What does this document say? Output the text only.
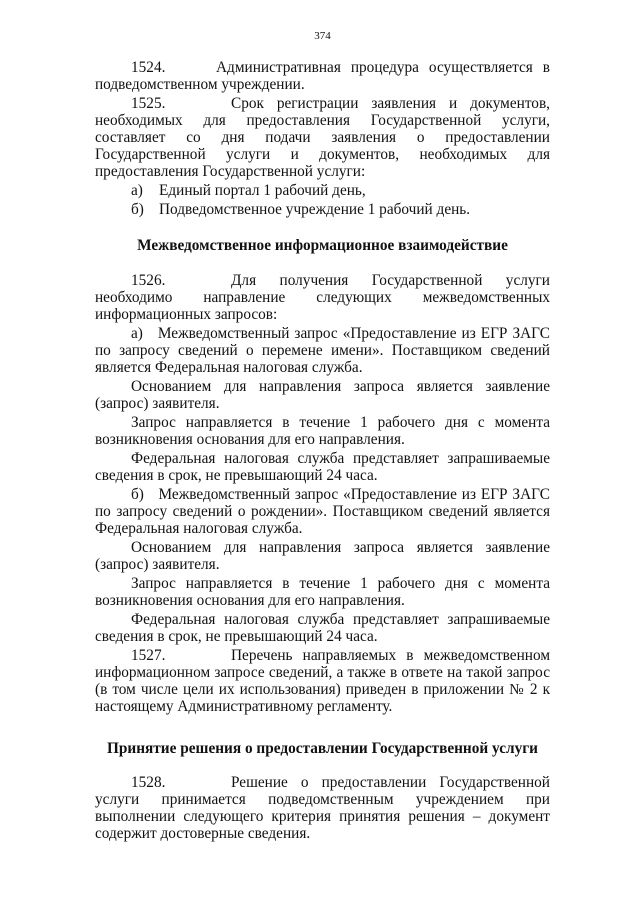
374

1524.	Административная процедура осуществляется в подведомственном учреждении.

1525.	Срок регистрации заявления и документов, необходимых для предоставления Государственной услуги, составляет со дня подачи заявления о предоставлении Государственной услуги и документов, необходимых для предоставления Государственной услуги:

а) Единый портал 1 рабочий день,
б) Подведомственное учреждение 1 рабочий день.
Межведомственное информационное взаимодействие

1526.	Для получения Государственной услуги необходимо направление следующих межведомственных информационных запросов:

а)   Межведомственный запрос «Предоставление из ЕГР ЗАГС по запросу сведений о перемене имени». Поставщиком сведений является Федеральная налоговая служба.

Основанием для направления запроса является заявление (запрос) заявителя.

Запрос направляется в течение 1 рабочего дня с момента возникновения основания для его направления.

Федеральная налоговая служба представляет запрашиваемые сведения в срок, не превышающий 24 часа.

б)   Межведомственный запрос «Предоставление из ЕГР ЗАГС по запросу сведений о рождении». Поставщиком сведений является Федеральная налоговая служба.

Основанием для направления запроса является заявление (запрос) заявителя.

Запрос направляется в течение 1 рабочего дня с момента возникновения основания для его направления.

Федеральная налоговая служба представляет запрашиваемые сведения в срок, не превышающий 24 часа.

1527.	Перечень направляемых в межведомственном информационном запросе сведений, а также в ответе на такой запрос (в том числе цели их использования) приведен в приложении № 2 к настоящему Административному регламенту.

Принятие решения о предоставлении Государственной услуги

1528.	Решение о предоставлении Государственной услуги принимается подведомственным учреждением при выполнении следующего критерия принятия решения – документ содержит достоверные сведения.
